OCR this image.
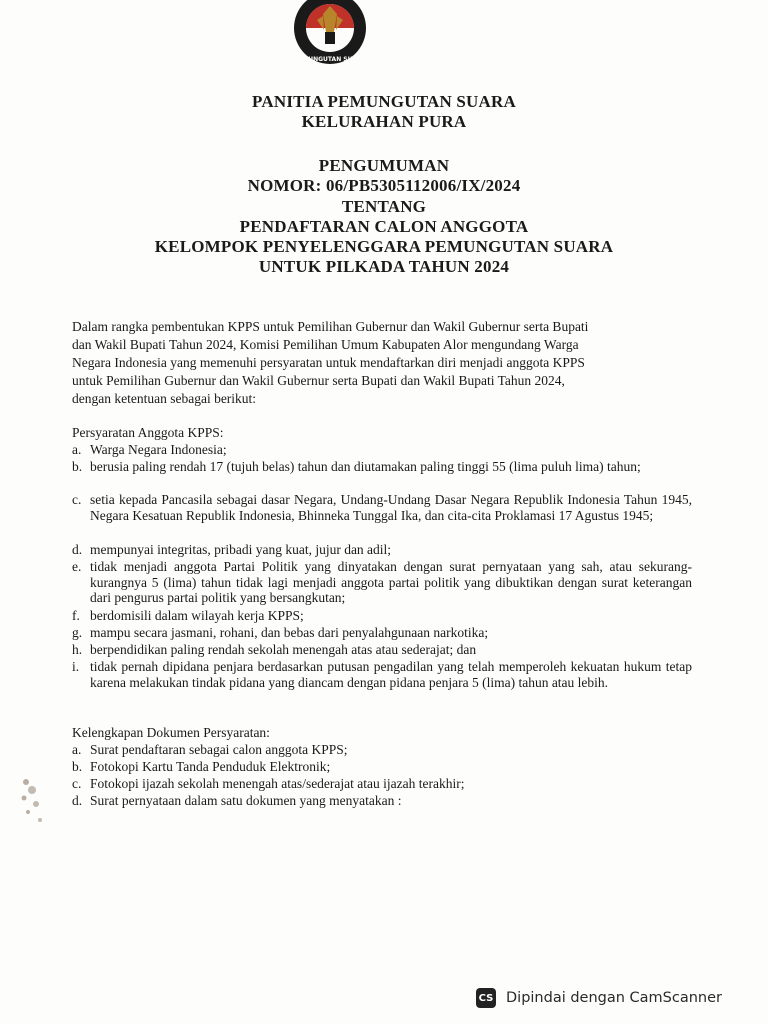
PEMUNGUTAN SUARA
PANITIA PEMUNGUTAN SUARA
KELURAHAN PURA
PENGUMUMAN
NOMOR: 06/PB5305112006/IX/2024
TENTANG
PENDAFTARAN CALON ANGGOTA
KELOMPOK PENYELENGGARA PEMUNGUTAN SUARA
UNTUK PILKADA TAHUN 2024
Dalam rangka pembentukan KPPS untuk Pemilihan Gubernur dan Wakil Gubernur serta Bupati
dan Wakil Bupati Tahun 2024, Komisi Pemilihan Umum Kabupaten Alor mengundang Warga
Negara Indonesia yang memenuhi persyaratan untuk mendaftarkan diri menjadi anggota KPPS
untuk Pemilihan Gubernur dan Wakil Gubernur serta Bupati dan Wakil Bupati Tahun 2024,
dengan ketentuan sebagai berikut:
Persyaratan Anggota KPPS:
a. Warga Negara Indonesia;
b. berusia paling rendah 17 (tujuh belas) tahun dan diutamakan paling tinggi 55 (lima puluh lima) tahun;
c. setia kepada Pancasila sebagai dasar Negara, Undang-Undang Dasar Negara Republik Indonesia Tahun 1945, Negara Kesatuan Republik Indonesia, Bhinneka Tunggal Ika, dan cita-cita Proklamasi 17 Agustus 1945;
d. mempunyai integritas, pribadi yang kuat, jujur dan adil;
e. tidak menjadi anggota Partai Politik yang dinyatakan dengan surat pernyataan yang sah, atau sekurang-kurangnya 5 (lima) tahun tidak lagi menjadi anggota partai politik yang dibuktikan dengan surat keterangan dari pengurus partai politik yang bersangkutan;
f. berdomisili dalam wilayah kerja KPPS;
g. mampu secara jasmani, rohani, dan bebas dari penyalahgunaan narkotika;
h. berpendidikan paling rendah sekolah menengah atas atau sederajat; dan
i. tidak pernah dipidana penjara berdasarkan putusan pengadilan yang telah memperoleh kekuatan hukum tetap karena melakukan tindak pidana yang diancam dengan pidana penjara 5 (lima) tahun atau lebih.
Kelengkapan Dokumen Persyaratan:
a. Surat pendaftaran sebagai calon anggota KPPS;
b. Fotokopi Kartu Tanda Penduduk Elektronik;
c. Fotokopi ijazah sekolah menengah atas/sederajat atau ijazah terakhir;
d. Surat pernyataan dalam satu dokumen yang menyatakan :
CS Dipindai dengan CamScanner
